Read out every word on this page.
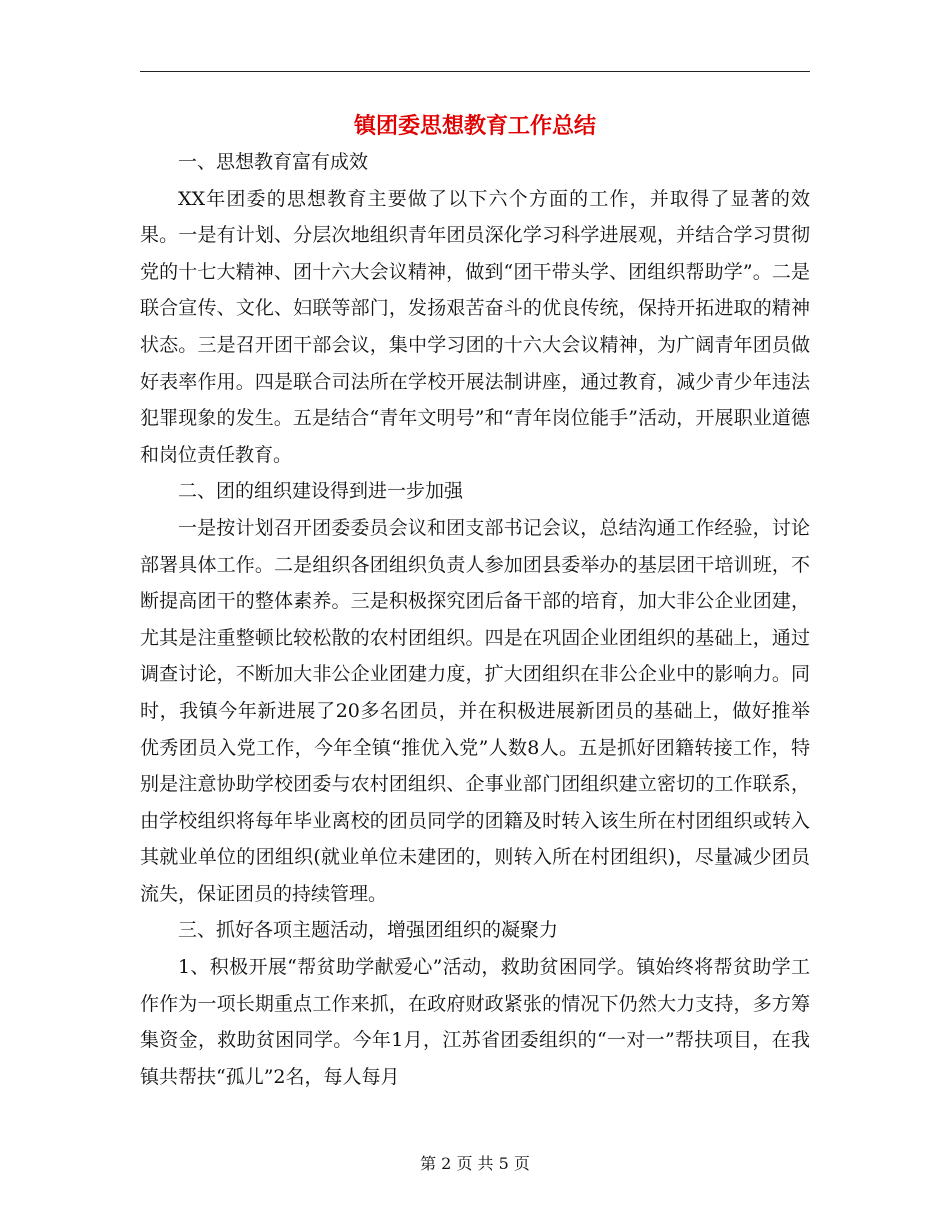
镇团委思想教育工作总结

一、思想教育富有成效

XX年团委的思想教育主要做了以下六个方面的工作，并取得了显著的效果。一是有计划、分层次地组织青年团员深化学习科学进展观，并结合学习贯彻党的十七大精神、团十六大会议精神，做到“团干带头学、团组织帮助学”。二是联合宣传、文化、妇联等部门，发扬艰苦奋斗的优良传统，保持开拓进取的精神状态。三是召开团干部会议，集中学习团的十六大会议精神，为广阔青年团员做好表率作用。四是联合司法所在学校开展法制讲座，通过教育，减少青少年违法犯罪现象的发生。五是结合“青年文明号”和“青年岗位能手”活动，开展职业道德和岗位责任教育。

二、团的组织建设得到进一步加强

一是按计划召开团委委员会议和团支部书记会议，总结沟通工作经验，讨论部署具体工作。二是组织各团组织负责人参加团县委举办的基层团干培训班，不断提高团干的整体素养。三是积极探究团后备干部的培育，加大非公企业团建，尤其是注重整顿比较松散的农村团组织。四是在巩固企业团组织的基础上，通过调查讨论，不断加大非公企业团建力度，扩大团组织在非公企业中的影响力。同时，我镇今年新进展了20多名团员，并在积极进展新团员的基础上，做好推举优秀团员入党工作，今年全镇“推优入党”人数8人。五是抓好团籍转接工作，特别是注意协助学校团委与农村团组织、企事业部门团组织建立密切的工作联系，由学校组织将每年毕业离校的团员同学的团籍及时转入该生所在村团组织或转入其就业单位的团组织(就业单位未建团的，则转入所在村团组织)，尽量减少团员流失，保证团员的持续管理。

三、抓好各项主题活动，增强团组织的凝聚力

1、积极开展“帮贫助学献爱心”活动，救助贫困同学。镇始终将帮贫助学工作作为一项长期重点工作来抓，在政府财政紧张的情况下仍然大力支持，多方筹集资金，救助贫困同学。今年1月，江苏省团委组织的“一对一”帮扶项目，在我镇共帮扶“孤儿”2名，每人每月

第 2 页 共 5 页
